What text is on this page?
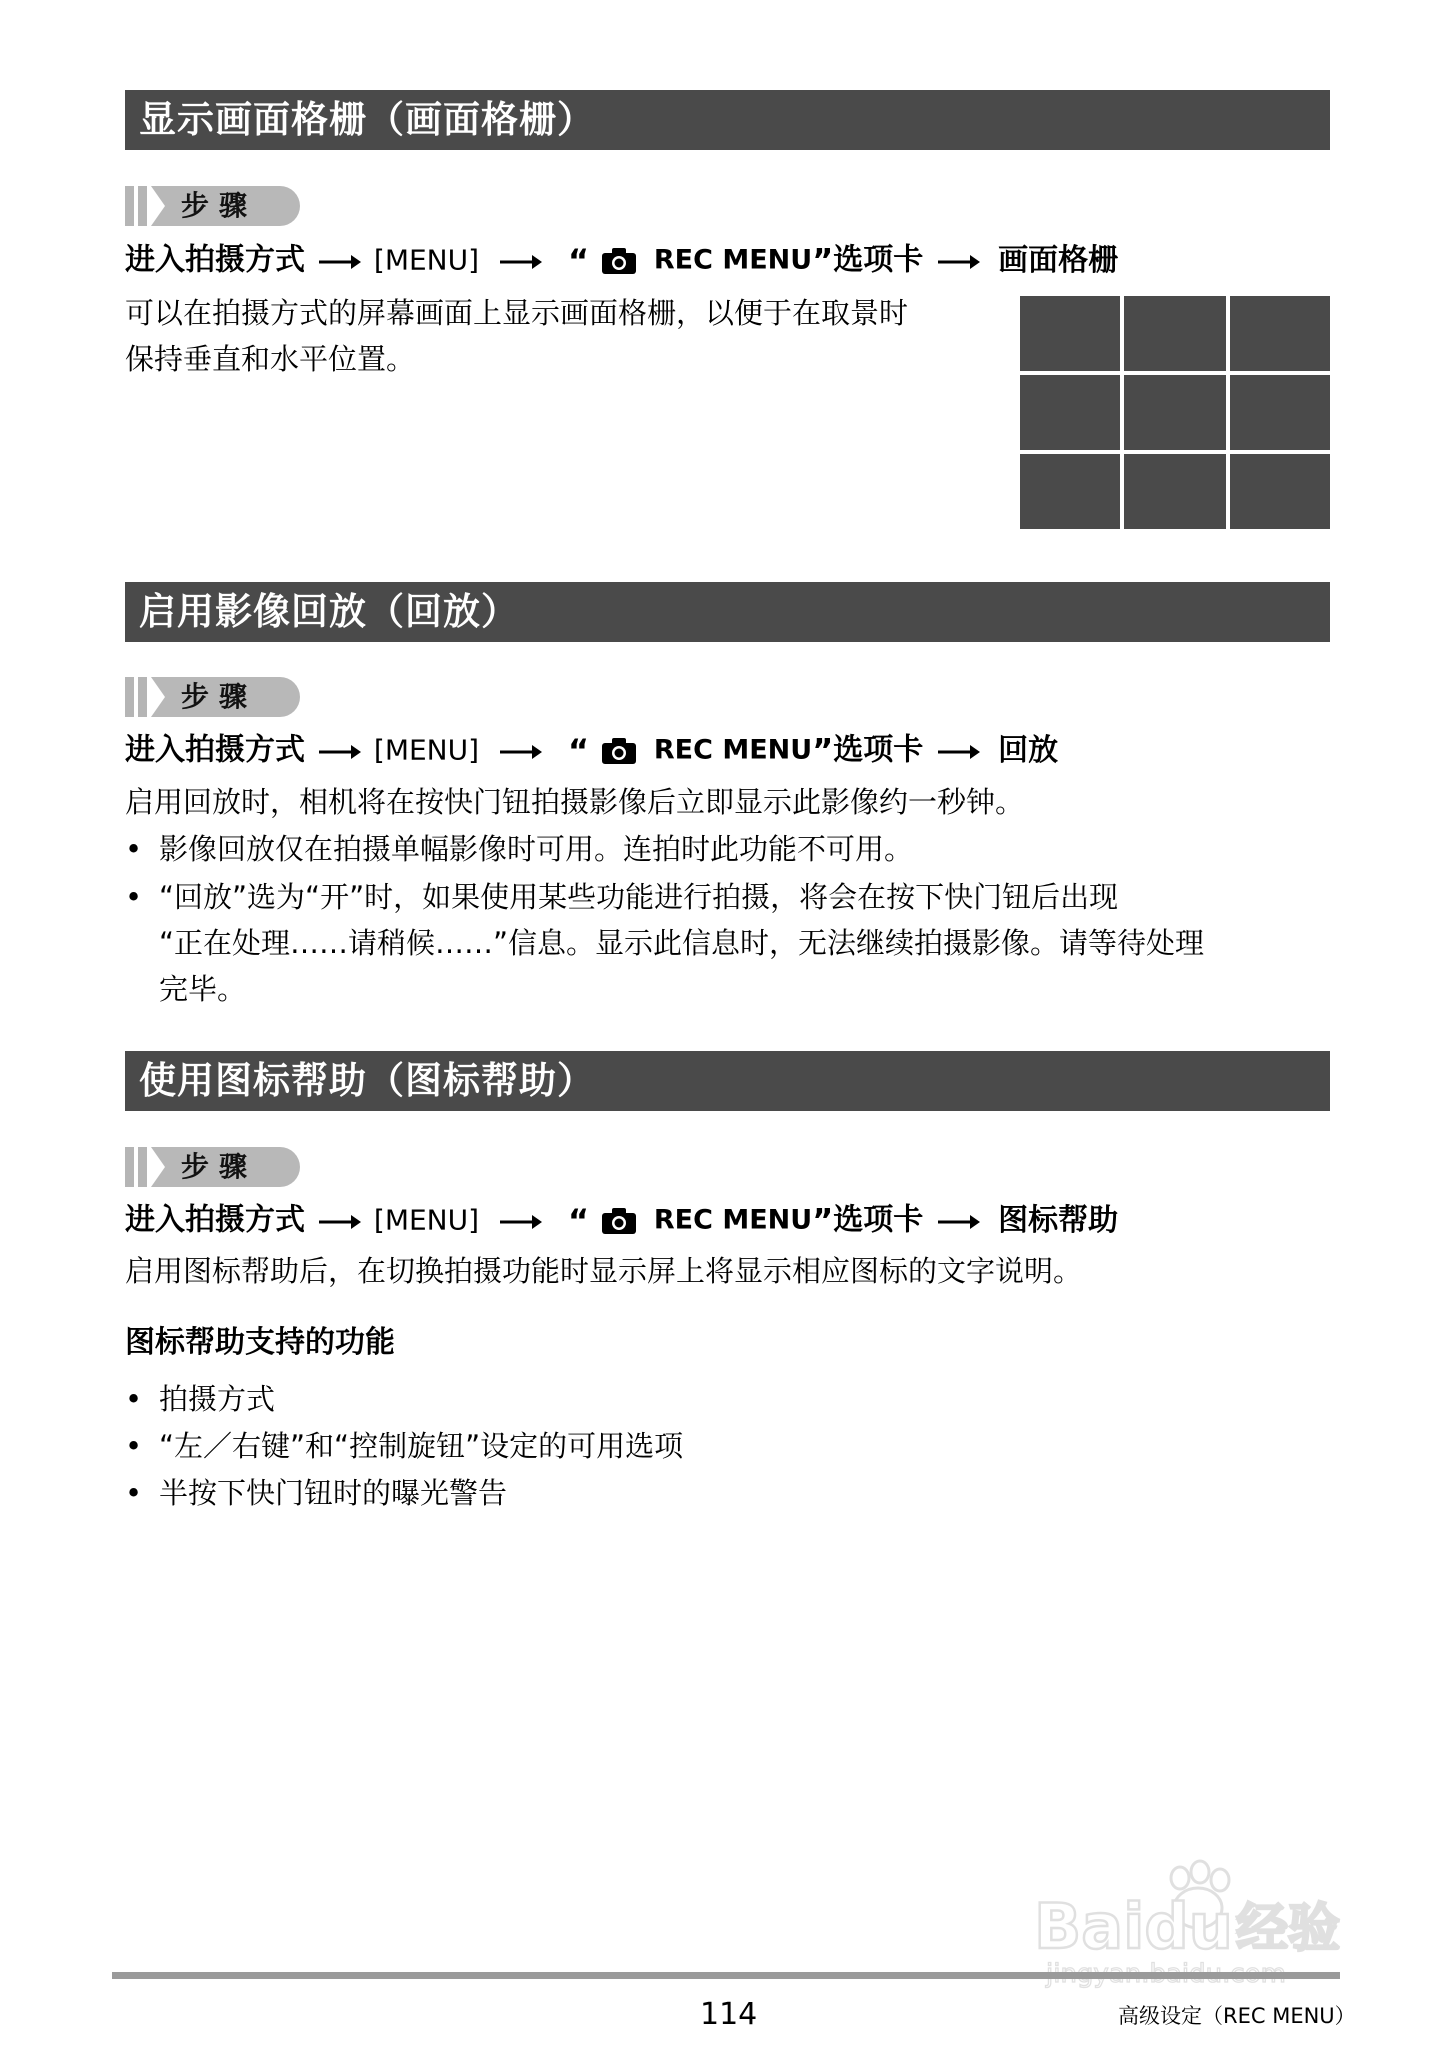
显示画面格栅（画面格栅）
步骤
进入拍摄方式 [MENU]	“ REC MENU”选项卡 画面格栅
可以在拍摄方式的屏幕画面上显示画面格栅，以便于在取景时
保持垂直和水平位置。
启用影像回放（回放）
步骤
进入拍摄方式 [MENU]	“ REC MENU”选项卡 回放
启用回放时，相机将在按快门钮拍摄影像后立即显示此影像约一秒钟。
• 影像回放仅在拍摄单幅影像时可用。连拍时此功能不可用。
• “回放”选为“开”时，如果使用某些功能进行拍摄，将会在按下快门钮后出现
“正在处理……请稍候……”信息。显示此信息时，无法继续拍摄影像。请等待处理
完毕。
使用图标帮助（图标帮助）
步骤
进入拍摄方式 [MENU]	“ REC MENU”选项卡 图标帮助
启用图标帮助后，在切换拍摄功能时显示屏上将显示相应图标的文字说明。
图标帮助支持的功能
• 拍摄方式
• “左／右键”和“控制旋钮”设定的可用选项
• 半按下快门钮时的曝光警告
Baidu 经验
114	高级设定（REC MENU）
